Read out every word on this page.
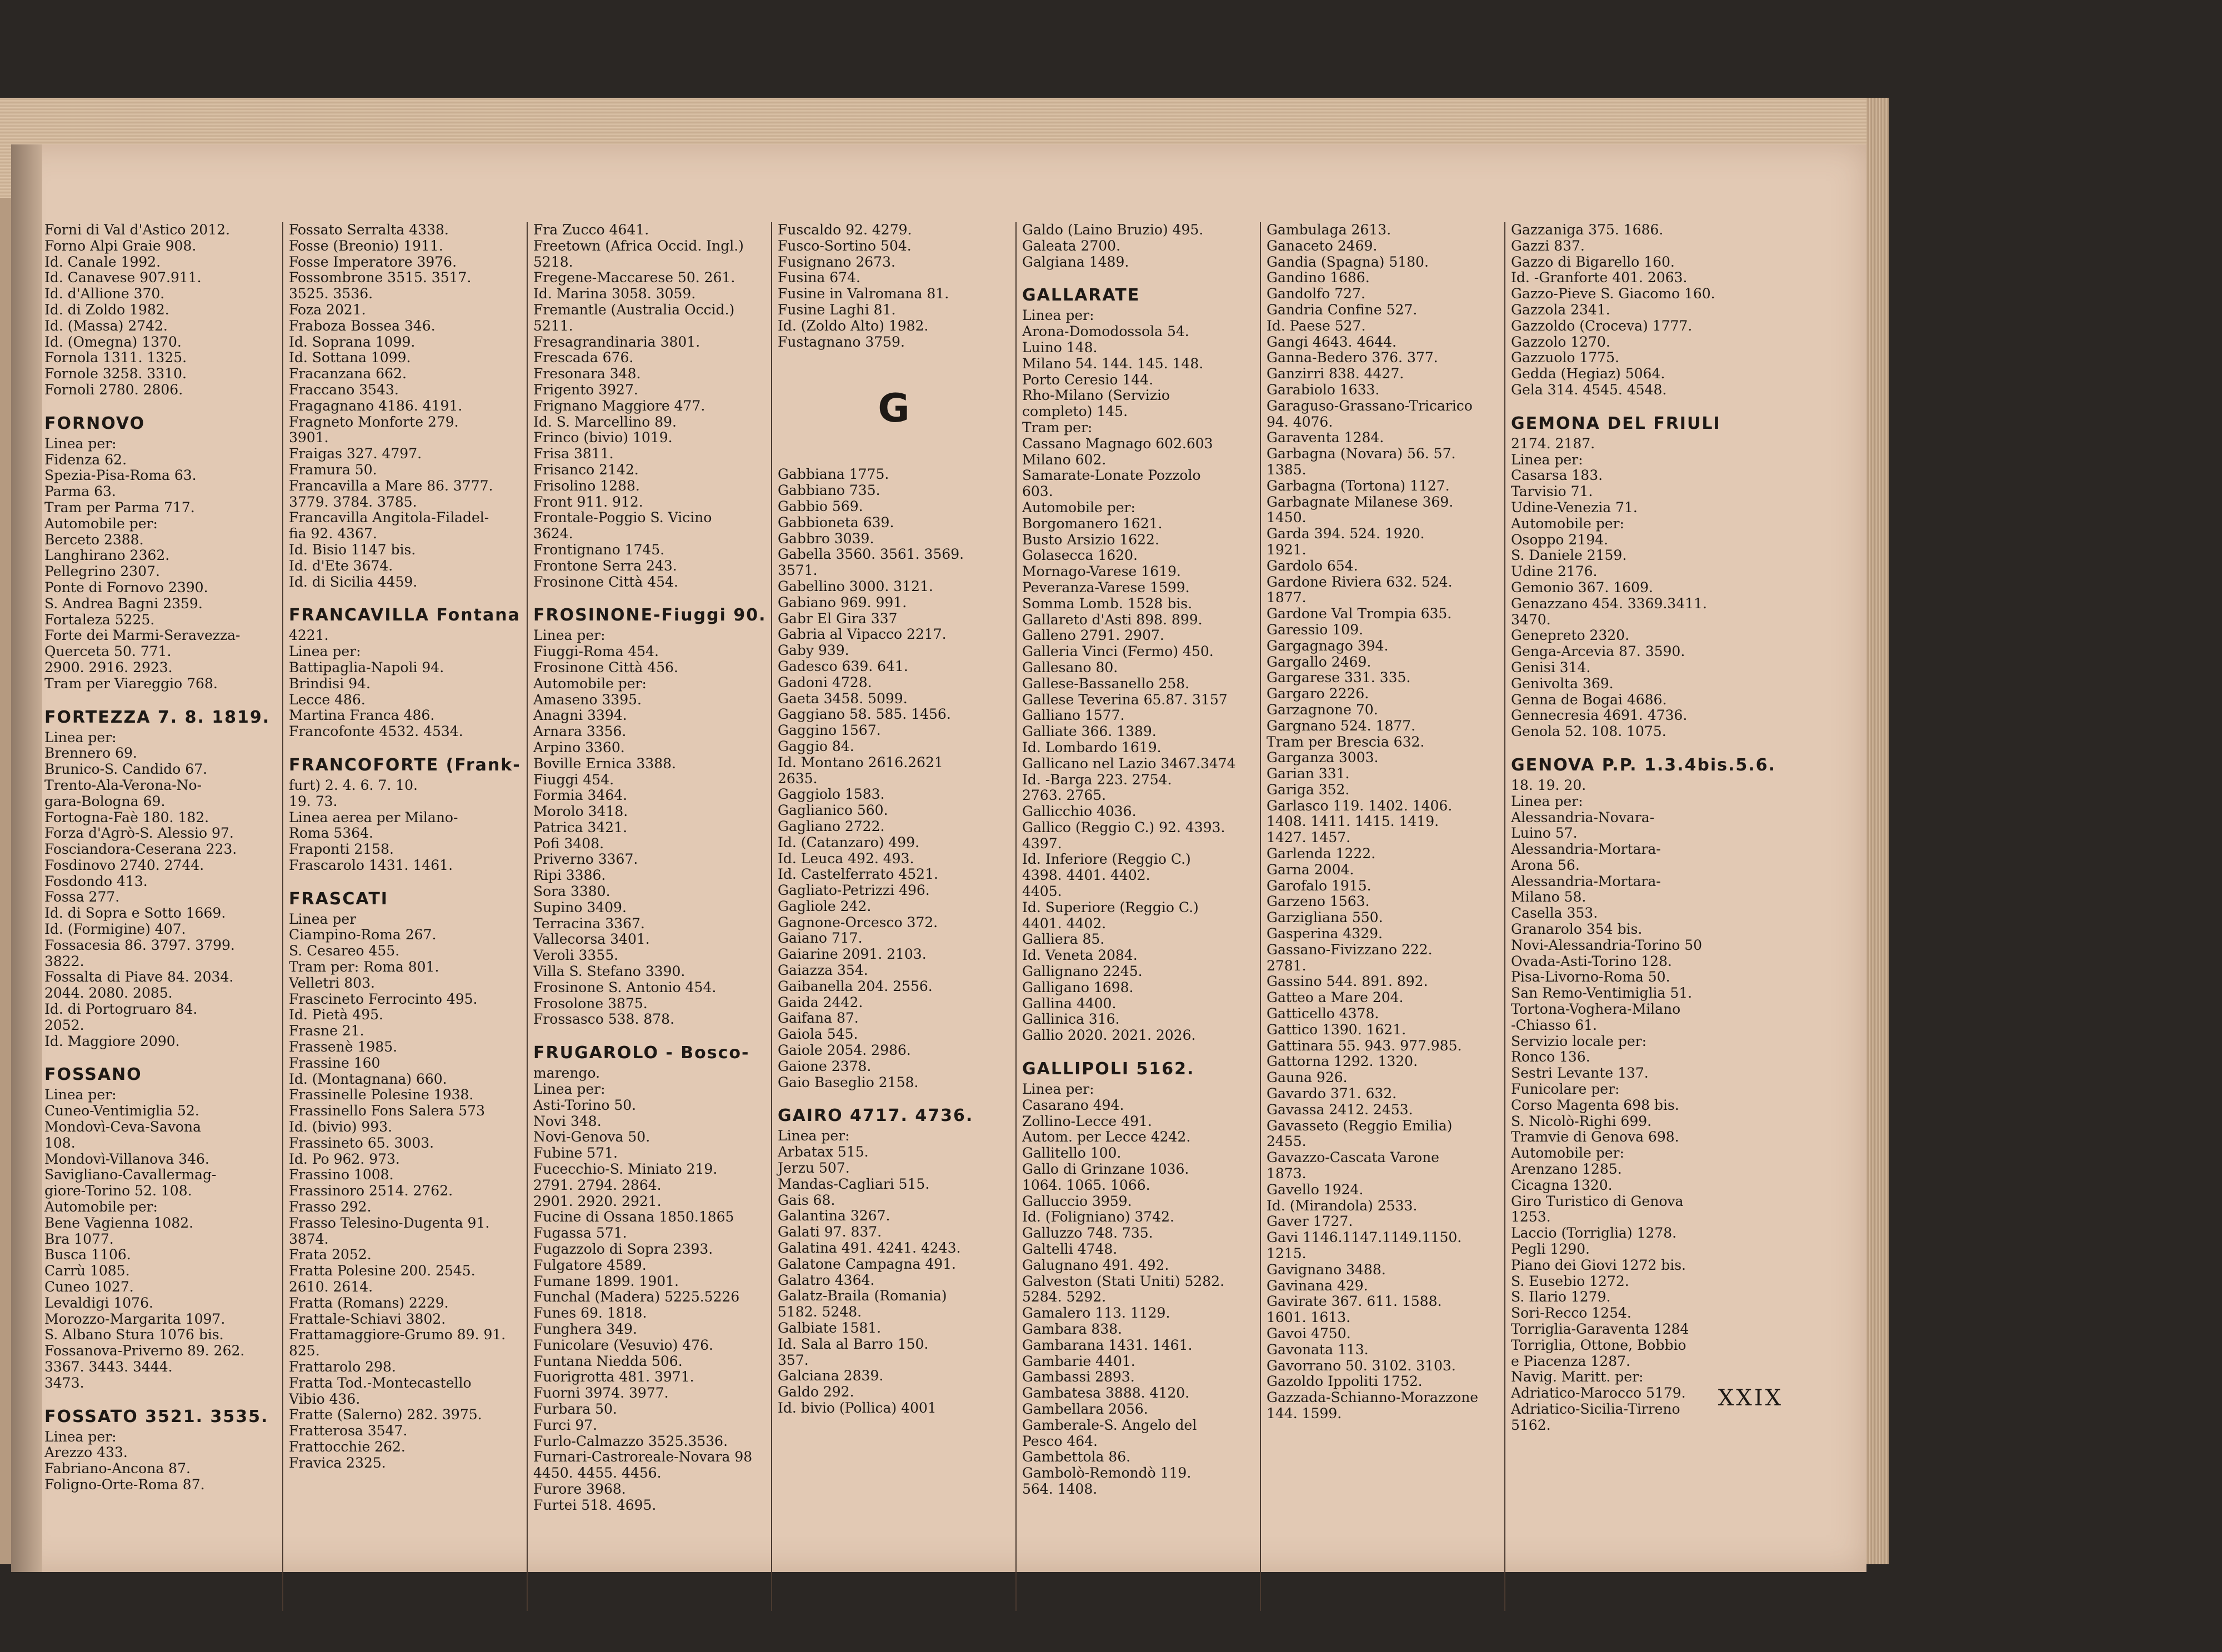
Forni di Val d'Astico 2012.
Forno Alpi Graie 908.
Id. Canale 1992.
Id. Canavese 907.911.
Id. d'Allione 370.
Id. di Zoldo 1982.
Id. (Massa) 2742.
Id. (Omegna) 1370.
Fornola 1311. 1325.
Fornole 3258. 3310.
Fornoli 2780. 2806.
FORNOVO
Linea per:
Fidenza 62.
Spezia-Pisa-Roma 63.
Parma 63.
Tram per Parma 717.
Automobile per:
Berceto 2388.
Langhirano 2362.
Pellegrino 2307.
Ponte di Fornovo 2390.
S. Andrea Bagni 2359.
Fortaleza 5225.
Forte dei Marmi-Seravezza-
Querceta 50. 771.
2900. 2916. 2923.
Tram per Viareggio 768.
FORTEZZA 7. 8. 1819.
Linea per:
Brennero 69.
Brunico-S. Candido 67.
Trento-Ala-Verona-No-
gara-Bologna 69.
Fortogna-Faè 180. 182.
Forza d'Agrò-S. Alessio 97.
Fosciandora-Ceserana 223.
Fosdinovo 2740. 2744.
Fosdondo 413.
Fossa 277.
Id. di Sopra e Sotto 1669.
Id. (Formigine) 407.
Fossacesia 86. 3797. 3799.
3822.
Fossalta di Piave 84. 2034.
2044. 2080. 2085.
Id. di Portogruaro 84.
2052.
Id. Maggiore 2090.
FOSSANO
Linea per:
Cuneo-Ventimiglia 52.
Mondovì-Ceva-Savona
108.
Mondovì-Villanova 346.
Savigliano-Cavallermag-
giore-Torino 52. 108.
Automobile per:
Bene Vagienna 1082.
Bra 1077.
Busca 1106.
Carrù 1085.
Cuneo 1027.
Levaldigi 1076.
Morozzo-Margarita 1097.
S. Albano Stura 1076 bis.
Fossanova-Priverno 89. 262.
3367. 3443. 3444.
3473.
FOSSATO 3521. 3535.
Linea per:
Arezzo 433.
Fabriano-Ancona 87.
Foligno-Orte-Roma 87.
Fossato Serralta 4338.
Fosse (Breonio) 1911.
Fosse Imperatore 3976.
Fossombrone 3515. 3517.
3525. 3536.
Foza 2021.
Fraboza Bossea 346.
Id. Soprana 1099.
Id. Sottana 1099.
Fracanzana 662.
Fraccano 3543.
Fragagnano 4186. 4191.
Fragneto Monforte 279.
3901.
Fraigas 327. 4797.
Framura 50.
Francavilla a Mare 86. 3777.
3779. 3784. 3785.
Francavilla Angitola-Filadel-
fia 92. 4367.
Id. Bisio 1147 bis.
Id. d'Ete 3674.
Id. di Sicilia 4459.
FRANCAVILLA Fontana
4221.
Linea per:
Battipaglia-Napoli 94.
Brindisi 94.
Lecce 486.
Martina Franca 486.
Francofonte 4532. 4534.
FRANCOFORTE (Frank-
furt) 2. 4. 6. 7. 10.
19. 73.
Linea aerea per Milano-
Roma 5364.
Fraponti 2158.
Frascarolo 1431. 1461.
FRASCATI
Linea per
Ciampino-Roma 267.
S. Cesareo 455.
Tram per: Roma 801.
Velletri 803.
Frascineto Ferrocinto 495.
Id. Pietà 495.
Frasne 21.
Frassenè 1985.
Frassine 160
Id. (Montagnana) 660.
Frassinelle Polesine 1938.
Frassinello Fons Salera 573
Id. (bivio) 993.
Frassineto 65. 3003.
Id. Po 962. 973.
Frassino 1008.
Frassinoro 2514. 2762.
Frasso 292.
Frasso Telesino-Dugenta 91.
3874.
Frata 2052.
Fratta Polesine 200. 2545.
2610. 2614.
Fratta (Romans) 2229.
Frattale-Schiavi 3802.
Frattamaggiore-Grumo 89. 91.
825.
Frattarolo 298.
Fratta Tod.-Montecastello
Vibio 436.
Fratte (Salerno) 282. 3975.
Fratterosa 3547.
Frattocchie 262.
Fravica 2325.
Fra Zucco 4641.
Freetown (Africa Occid. Ingl.)
5218.
Fregene-Maccarese 50. 261.
Id. Marina 3058. 3059.
Fremantle (Australia Occid.)
5211.
Fresagrandinaria 3801.
Frescada 676.
Fresonara 348.
Frigento 3927.
Frignano Maggiore 477.
Id. S. Marcellino 89.
Frinco (bivio) 1019.
Frisa 3811.
Frisanco 2142.
Frisolino 1288.
Front 911. 912.
Frontale-Poggio S. Vicino
3624.
Frontignano 1745.
Frontone Serra 243.
Frosinone Città 454.
FROSINONE-Fiuggi 90.
Linea per:
Fiuggi-Roma 454.
Frosinone Città 456.
Automobile per:
Amaseno 3395.
Anagni 3394.
Arnara 3356.
Arpino 3360.
Boville Ernica 3388.
Fiuggi 454.
Formia 3464.
Morolo 3418.
Patrica 3421.
Pofi 3408.
Priverno 3367.
Ripi 3386.
Sora 3380.
Supino 3409.
Terracina 3367.
Vallecorsa 3401.
Veroli 3355.
Villa S. Stefano 3390.
Frosinone S. Antonio 454.
Frosolone 3875.
Frossasco 538. 878.
FRUGAROLO - Bosco-
marengo.
Linea per:
Asti-Torino 50.
Novi 348.
Novi-Genova 50.
Fubine 571.
Fucecchio-S. Miniato 219.
2791. 2794. 2864.
2901. 2920. 2921.
Fucine di Ossana 1850.1865
Fugassa 571.
Fugazzolo di Sopra 2393.
Fulgatore 4589.
Fumane 1899. 1901.
Funchal (Madera) 5225.5226
Funes 69. 1818.
Funghera 349.
Funicolare (Vesuvio) 476.
Funtana Niedda 506.
Fuorigrotta 481. 3971.
Fuorni 3974. 3977.
Furbara 50.
Furci 97.
Furlo-Calmazzo 3525.3536.
Furnari-Castroreale-Novara 98
4450. 4455. 4456.
Furore 3968.
Furtei 518. 4695.
Fuscaldo 92. 4279.
Fusco-Sortino 504.
Fusignano 2673.
Fusina 674.
Fusine in Valromana 81.
Fusine Laghi 81.
Id. (Zoldo Alto) 1982.
Fustagnano 3759.
G
Gabbiana 1775.
Gabbiano 735.
Gabbio 569.
Gabbioneta 639.
Gabbro 3039.
Gabella 3560. 3561. 3569.
3571.
Gabellino 3000. 3121.
Gabiano 969. 991.
Gabr El Gira 337
Gabria al Vipacco 2217.
Gaby 939.
Gadesco 639. 641.
Gadoni 4728.
Gaeta 3458. 5099.
Gaggiano 58. 585. 1456.
Gaggino 1567.
Gaggio 84.
Id. Montano 2616.2621
2635.
Gaggiolo 1583.
Gaglianico 560.
Gagliano 2722.
Id. (Catanzaro) 499.
Id. Leuca 492. 493.
Id. Castelferrato 4521.
Gagliato-Petrizzi 496.
Gagliole 242.
Gagnone-Orcesco 372.
Gaiano 717.
Gaiarine 2091. 2103.
Gaiazza 354.
Gaibanella 204. 2556.
Gaida 2442.
Gaifana 87.
Gaiola 545.
Gaiole 2054. 2986.
Gaione 2378.
Gaio Baseglio 2158.
GAIRO 4717. 4736.
Linea per:
Arbatax 515.
Jerzu 507.
Mandas-Cagliari 515.
Gais 68.
Galantina 3267.
Galati 97. 837.
Galatina 491. 4241. 4243.
Galatone Campagna 491.
Galatro 4364.
Galatz-Braila (Romania)
5182. 5248.
Galbiate 1581.
Id. Sala al Barro 150.
357.
Galciana 2839.
Galdo 292.
Id. bivio (Pollica) 4001
Galdo (Laino Bruzio) 495.
Galeata 2700.
Galgiana 1489.
GALLARATE
Linea per:
Arona-Domodossola 54.
Luino 148.
Milano 54. 144. 145. 148.
Porto Ceresio 144.
Rho-Milano (Servizio
completo) 145.
Tram per:
Cassano Magnago 602.603
Milano 602.
Samarate-Lonate Pozzolo
603.
Automobile per:
Borgomanero 1621.
Busto Arsizio 1622.
Golasecca 1620.
Mornago-Varese 1619.
Peveranza-Varese 1599.
Somma Lomb. 1528 bis.
Gallareto d'Asti 898. 899.
Galleno 2791. 2907.
Galleria Vinci (Fermo) 450.
Gallesano 80.
Gallese-Bassanello 258.
Gallese Teverina 65.87. 3157
Galliano 1577.
Galliate 366. 1389.
Id. Lombardo 1619.
Gallicano nel Lazio 3467.3474
Id. -Barga 223. 2754.
2763. 2765.
Gallicchio 4036.
Gallico (Reggio C.) 92. 4393.
4397.
Id. Inferiore (Reggio C.)
4398. 4401. 4402.
4405.
Id. Superiore (Reggio C.)
4401. 4402.
Galliera 85.
Id. Veneta 2084.
Gallignano 2245.
Galligano 1698.
Gallina 4400.
Gallinica 316.
Gallio 2020. 2021. 2026.
GALLIPOLI 5162.
Linea per:
Casarano 494.
Zollino-Lecce 491.
Autom. per Lecce 4242.
Gallitello 100.
Gallo di Grinzane 1036.
1064. 1065. 1066.
Galluccio 3959.
Id. (Foligniano) 3742.
Galluzzo 748. 735.
Galtelli 4748.
Galugnano 491. 492.
Galveston (Stati Uniti) 5282.
5284. 5292.
Gamalero 113. 1129.
Gambara 838.
Gambarana 1431. 1461.
Gambarie 4401.
Gambassi 2893.
Gambatesa 3888. 4120.
Gambellara 2056.
Gamberale-S. Angelo del
Pesco 464.
Gambettola 86.
Gambolò-Remondò 119.
564. 1408.
Gambulaga 2613.
Ganaceto 2469.
Gandia (Spagna) 5180.
Gandino 1686.
Gandolfo 727.
Gandria Confine 527.
Id. Paese 527.
Gangi 4643. 4644.
Ganna-Bedero 376. 377.
Ganzirri 838. 4427.
Garabiolo 1633.
Garaguso-Grassano-Tricarico
94. 4076.
Garaventa 1284.
Garbagna (Novara) 56. 57.
1385.
Garbagna (Tortona) 1127.
Garbagnate Milanese 369.
1450.
Garda 394. 524. 1920.
1921.
Gardolo 654.
Gardone Riviera 632. 524.
1877.
Gardone Val Trompia 635.
Garessio 109.
Gargagnago 394.
Gargallo 2469.
Gargarese 331. 335.
Gargaro 2226.
Garzagnone 70.
Gargnano 524. 1877.
Tram per Brescia 632.
Garganza 3003.
Garian 331.
Gariga 352.
Garlasco 119. 1402. 1406.
1408. 1411. 1415. 1419.
1427. 1457.
Garlenda 1222.
Garna 2004.
Garofalo 1915.
Garzeno 1563.
Garzigliana 550.
Gasperina 4329.
Gassano-Fivizzano 222.
2781.
Gassino 544. 891. 892.
Gatteo a Mare 204.
Gatticello 4378.
Gattico 1390. 1621.
Gattinara 55. 943. 977.985.
Gattorna 1292. 1320.
Gauna 926.
Gavardo 371. 632.
Gavassa 2412. 2453.
Gavasseto (Reggio Emilia)
2455.
Gavazzo-Cascata Varone
1873.
Gavello 1924.
Id. (Mirandola) 2533.
Gaver 1727.
Gavi 1146.1147.1149.1150.
1215.
Gavignano 3488.
Gavinana 429.
Gavirate 367. 611. 1588.
1601. 1613.
Gavoi 4750.
Gavonata 113.
Gavorrano 50. 3102. 3103.
Gazoldo Ippoliti 1752.
Gazzada-Schianno-Morazzone
144. 1599.
Gazzaniga 375. 1686.
Gazzi 837.
Gazzo di Bigarello 160.
Id. -Granforte 401. 2063.
Gazzo-Pieve S. Giacomo 160.
Gazzola 2341.
Gazzoldo (Croceva) 1777.
Gazzolo 1270.
Gazzuolo 1775.
Gedda (Hegiaz) 5064.
Gela 314. 4545. 4548.
GEMONA DEL FRIULI
2174. 2187.
Linea per:
Casarsa 183.
Tarvisio 71.
Udine-Venezia 71.
Automobile per:
Osoppo 2194.
S. Daniele 2159.
Udine 2176.
Gemonio 367. 1609.
Genazzano 454. 3369.3411.
3470.
Genepreto 2320.
Genga-Arcevia 87. 3590.
Genisi 314.
Genivolta 369.
Genna de Bogai 4686.
Gennecresia 4691. 4736.
Genola 52. 108. 1075.
GENOVA P.P. 1.3.4bis.5.6.
18. 19. 20.
Linea per:
Alessandria-Novara-
Luino 57.
Alessandria-Mortara-
Arona 56.
Alessandria-Mortara-
Milano 58.
Casella 353.
Granarolo 354 bis.
Novi-Alessandria-Torino 50
Ovada-Asti-Torino 128.
Pisa-Livorno-Roma 50.
San Remo-Ventimiglia 51.
Tortona-Voghera-Milano
-Chiasso 61.
Servizio locale per:
Ronco 136.
Sestri Levante 137.
Funicolare per:
Corso Magenta 698 bis.
S. Nicolò-Righi 699.
Tramvie di Genova 698.
Automobile per:
Arenzano 1285.
Cicagna 1320.
Giro Turistico di Genova
1253.
Laccio (Torriglia) 1278.
Pegli 1290.
Piano dei Giovi 1272 bis.
S. Eusebio 1272.
S. Ilario 1279.
Sori-Recco 1254.
Torriglia-Garaventa 1284
Torriglia, Ottone, Bobbio
e Piacenza 1287.
Navig. Maritt. per:
Adriatico-Marocco 5179.
Adriatico-Sicilia-Tirreno
5162.
XXIX
